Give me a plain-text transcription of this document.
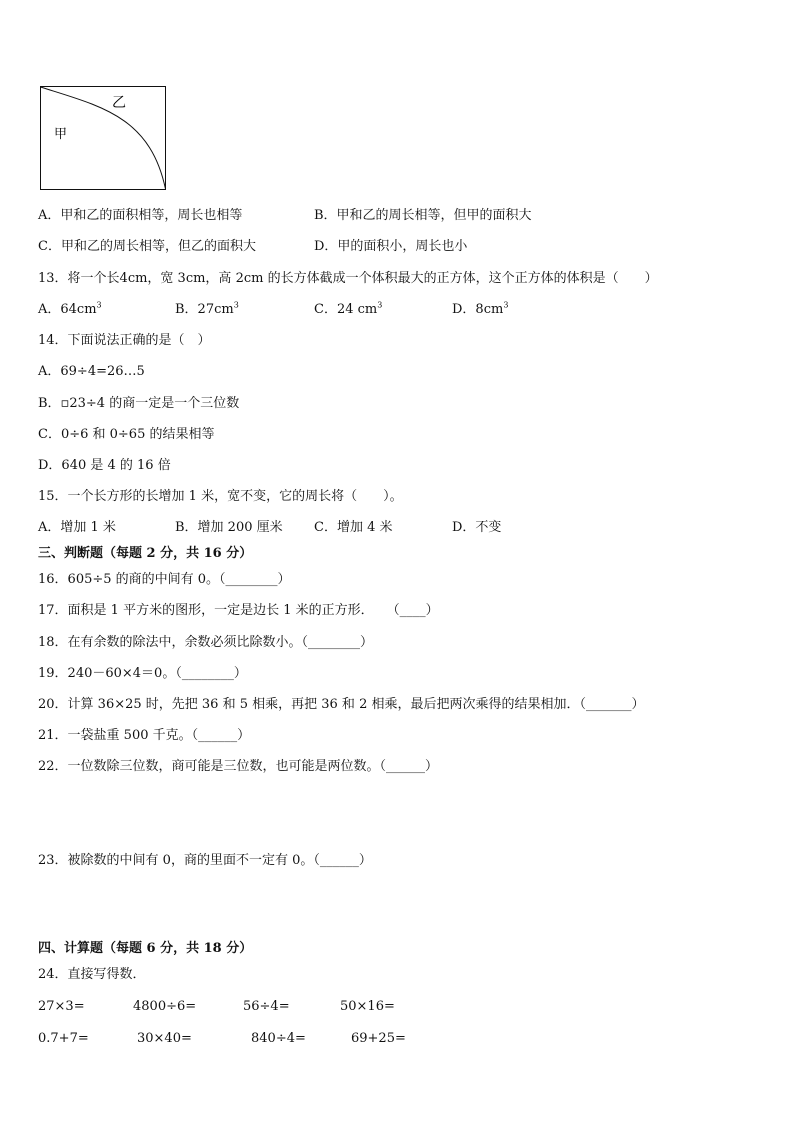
乙
甲
A．甲和乙的面积相等，周长也相等	B．甲和乙的周长相等，但甲的面积大
C．甲和乙的周长相等，但乙的面积大	D．甲的面积小，周长也小
13．将一个长4cm，宽 3cm，高 2cm 的长方体截成一个体积最大的正方体，这个正方体的体积是（　　）
A．$64cm^3$	B．$27cm^3$	C．24 $cm^3$	D．$8cm^3$
14．下面说法正确的是（　）
A．69÷4=26…5
B．▫23÷4 的商一定是一个三位数
C．0÷6 和 0÷65 的结果相等
D．640 是 4 的 16 倍
15．一个长方形的长增加 1 米，宽不变，它的周长将（　　）。
A．增加 1 米	B．增加 200 厘米 C．增加 4 米	D．不变
三、判断题（每题 2 分，共 16 分）
16．605÷5 的商的中间有 0。（________）
17．面积是 1 平方米的图形，一定是边长 1 米的正方形．　　（____）
18．在有余数的除法中，余数必须比除数小。（________）
19．240－60×4＝0。（________）
20．计算 36×25 时，先把 36 和 5 相乘，再把 36 和 2 相乘，最后把两次乘得的结果相加．（_______）
21．一袋盐重 500 千克。（______）
22．一位数除三位数，商可能是三位数，也可能是两位数。（______）
23．被除数的中间有 0，商的里面不一定有 0。（______）
四、计算题（每题 6 分，共 18 分）
24．直接写得数．
27×3=	4800÷6=	56÷4=	50×16=
0.7+7=	30×40=	840÷4=	69+25=
